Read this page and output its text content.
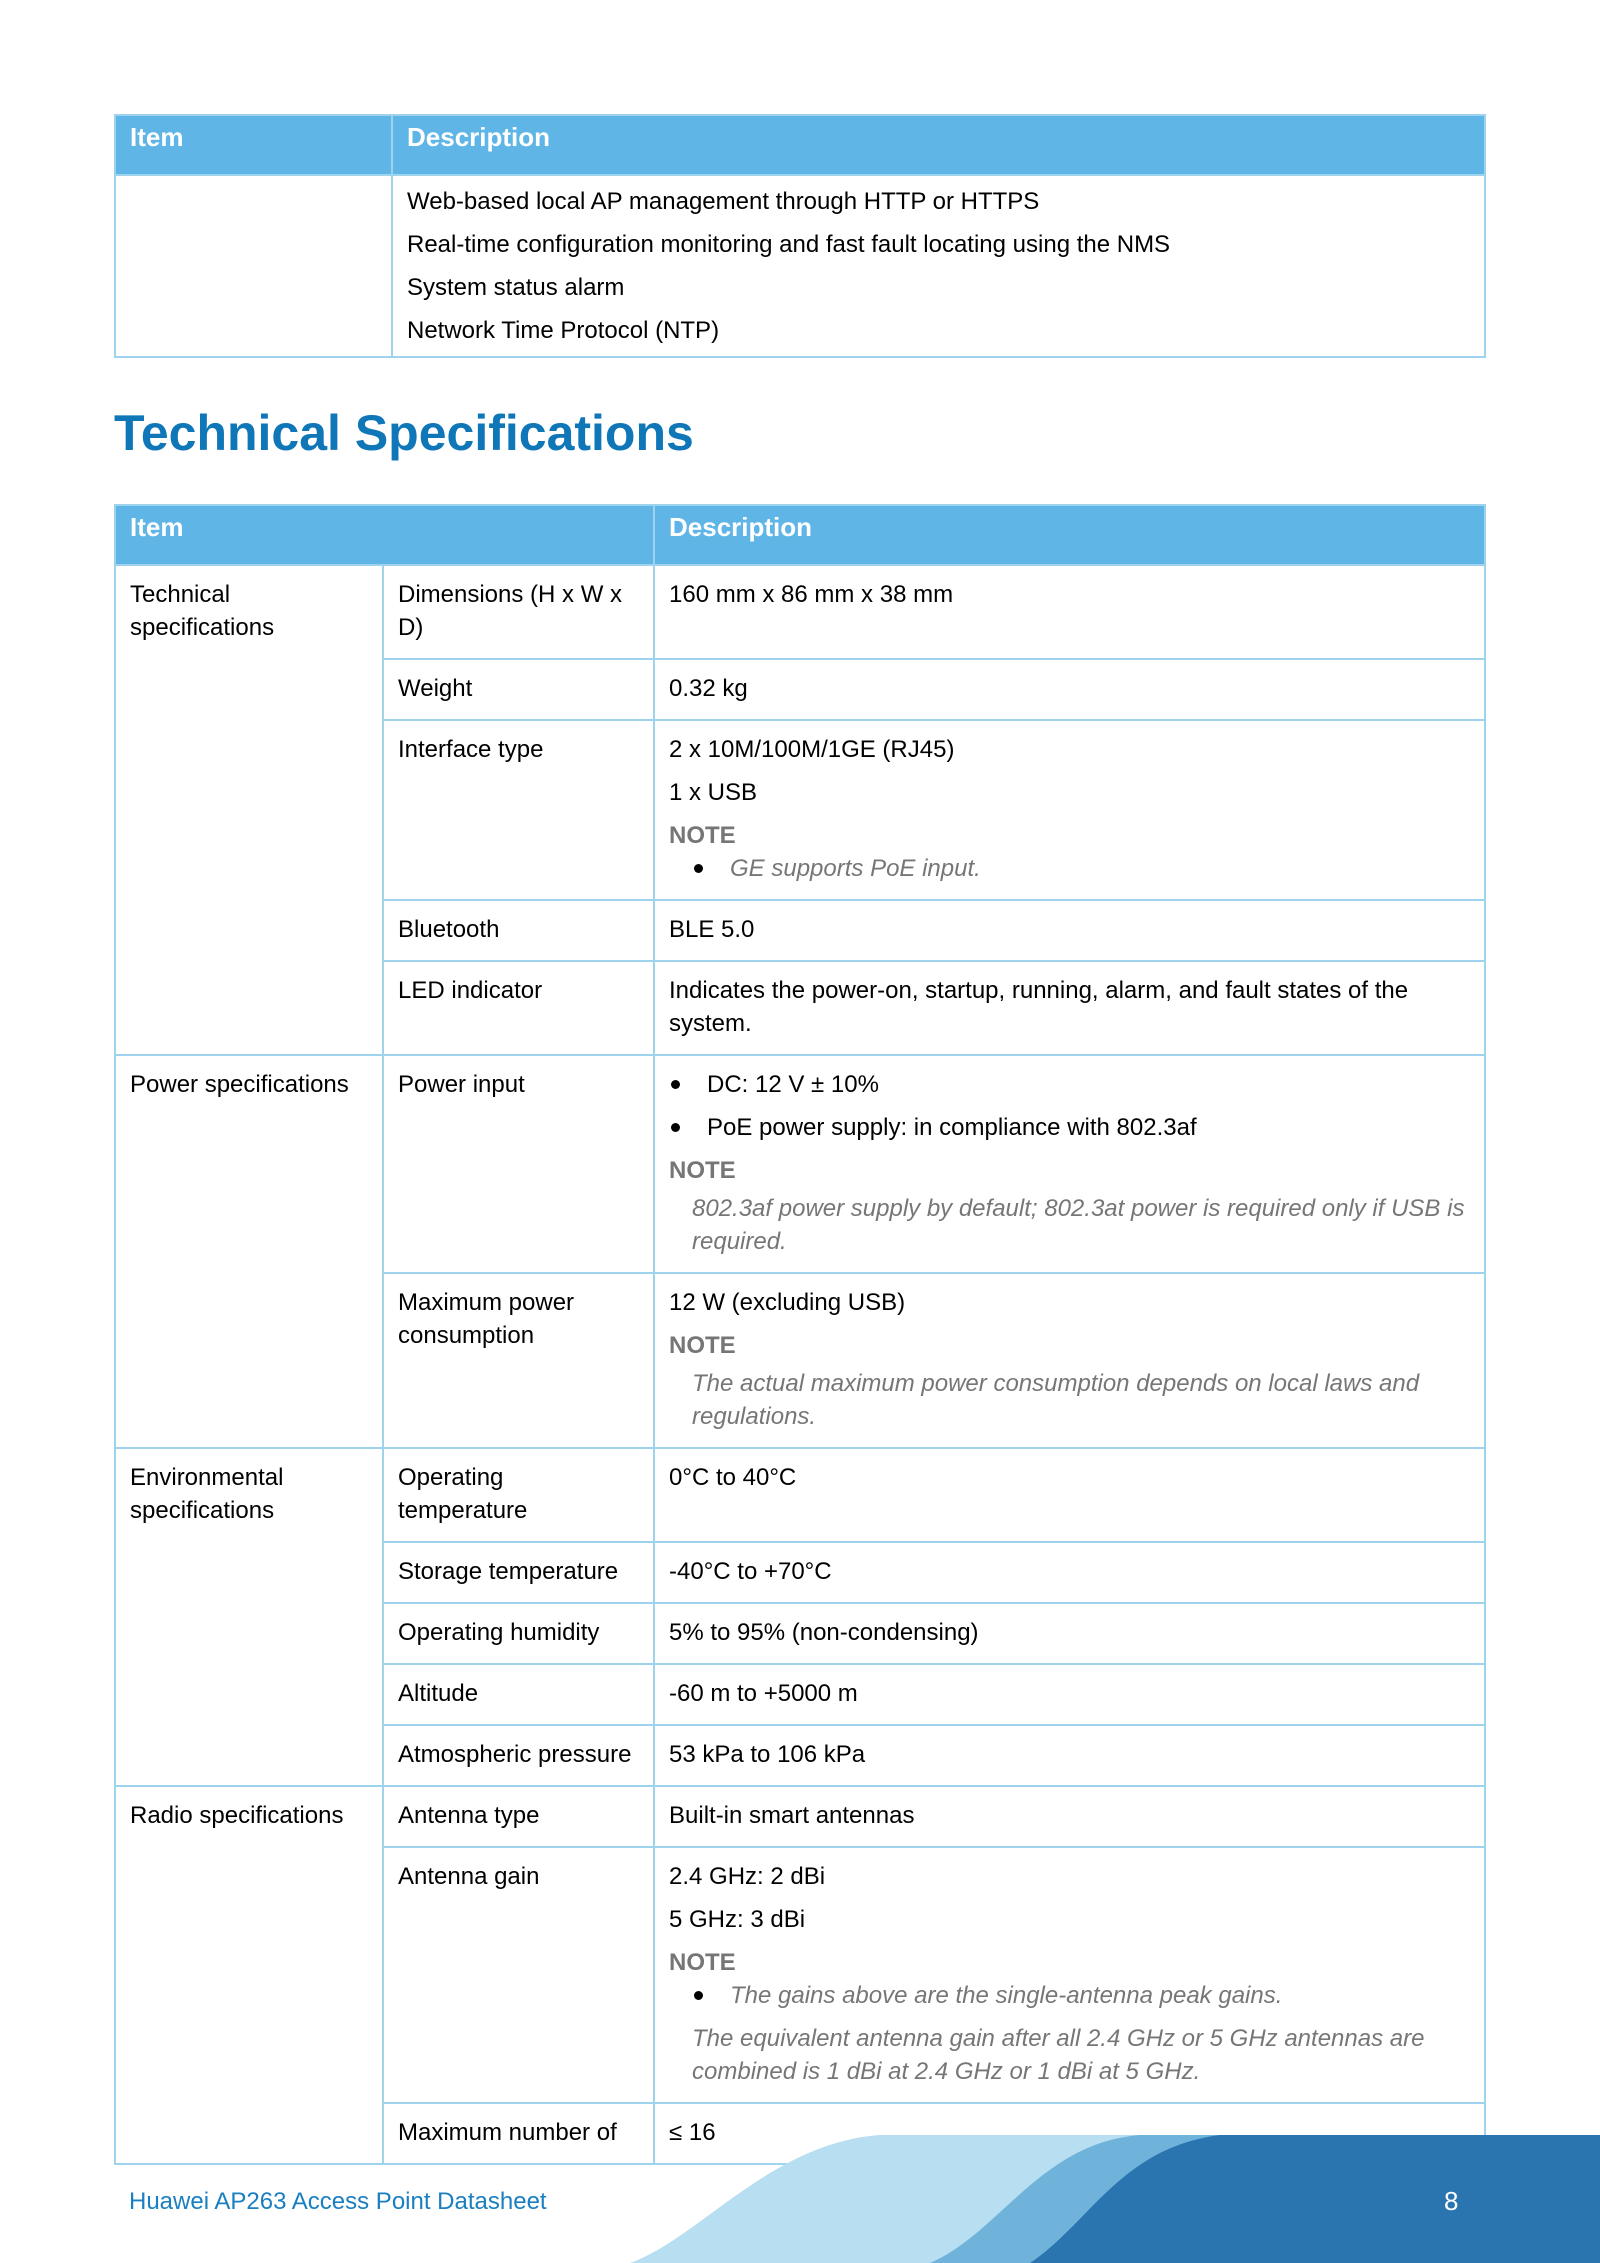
Item	Description

	Web-based local AP management through HTTP or HTTPS
Real-time configuration monitoring and fast fault locating using the NMS
System status alarm
Network Time Protocol (NTP)
Technical Specifications
Item		Description
Technical specifications	Dimensions (H x W x D)	160 mm x 86 mm x 38 mm
	Weight	0.32 kg
	Interface type	2 x 10M/100M/1GE (RJ45)
1 x USB
NOTE
GE supports PoE input.

	Bluetooth	BLE 5.0
	LED indicator	Indicates the power-on, startup, running, alarm, and fault states of the system.
Power specifications	Power input	DC: 12 V ± 10%
PoE power supply: in compliance with 802.3af
NOTE
802.3af power supply by default; 802.3at power is required only if USB is required.

	Maximum power consumption	12 W (excluding USB)
NOTE
The actual maximum power consumption depends on local laws and regulations.

Environmental specifications	Operating temperature	0°C to 40°C
	Storage temperature	-40°C to +70°C
	Operating humidity	5% to 95% (non-condensing)
	Altitude	-60 m to +5000 m
	Atmospheric pressure	53 kPa to 106 kPa
Radio specifications	Antenna type	Built-in smart antennas
	Antenna gain	2.4 GHz: 2 dBi
5 GHz: 3 dBi
NOTE
The gains above are the single-antenna peak gains.
The equivalent antenna gain after all 2.4 GHz or 5 GHz antennas are combined is 1 dBi at 2.4 GHz or 1 dBi at 5 GHz.

	Maximum number of	≤ 16
Huawei AP263 Access Point Datasheet	8
